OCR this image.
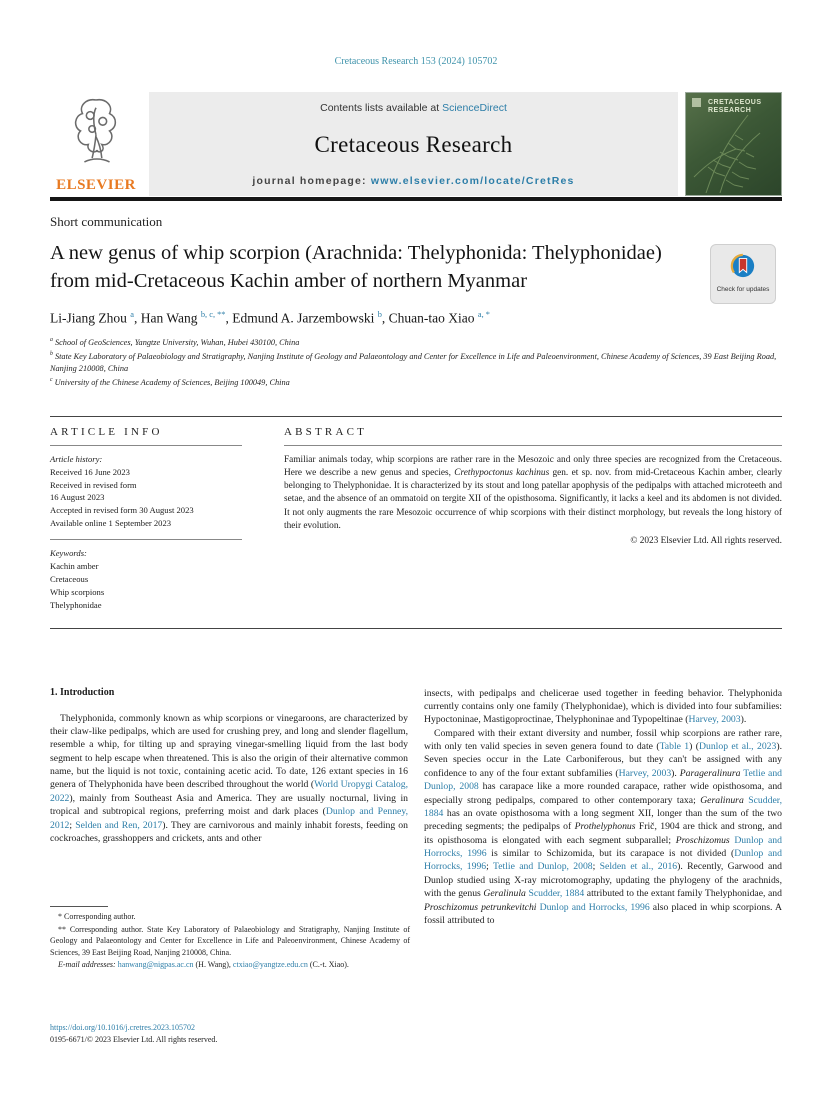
Cretaceous Research 153 (2024) 105702
ELSEVIER
Contents lists available at ScienceDirect
Cretaceous Research
journal homepage: www.elsevier.com/locate/CretRes
CRETACEOUS RESEARCH
Short communication
A new genus of whip scorpion (Arachnida: Thelyphonida: Thelyphonidae) from mid-Cretaceous Kachin amber of northern Myanmar	Check for updates
Li-Jiang Zhou $^a$, Han Wang $^{b, c, **}$, Edmund A. Jarzembowski $^b$, Chuan-tao Xiao $^{a, *}$
$^a$ School of GeoSciences, Yangtze University, Wuhan, Hubei 430100, China
$^b$ State Key Laboratory of Palaeobiology and Stratigraphy, Nanjing Institute of Geology and Palaeontology and Center for Excellence in Life and Paleoenvironment, Chinese Academy of Sciences, 39 East Beijing Road, Nanjing 210008, China
$^c$ University of the Chinese Academy of Sciences, Beijing 100049, China
ARTICLE INFO
Article history:
Received 16 June 2023
Received in revised form
16 August 2023
Accepted in revised form 30 August 2023
Available online 1 September 2023
Keywords:
Kachin amber
Cretaceous
Whip scorpions
Thelyphonidae
ABSTRACT
Familiar animals today, whip scorpions are rather rare in the Mesozoic and only three species are recognized from the Cretaceous. Here we describe a new genus and species, Crethypoctonus kachinus gen. et sp. nov. from mid-Cretaceous Kachin amber, clearly belonging to Thelyphonidae. It is characterized by its stout and long patellar apophysis of the pedipalps with attached microteeth and setae, and the absence of an ommatoid on tergite XII of the opisthosoma. Significantly, it lacks a keel and its abdomen is not divided. It not only augments the rare Mesozoic occurrence of whip scorpions with their distinct morphology, but reveals the long history of their evolution.
© 2023 Elsevier Ltd. All rights reserved.
1. Introduction

Thelyphonida, commonly known as whip scorpions or vinegaroons, are characterized by their claw-like pedipalps, which are used for crushing prey, and long and slender flagellum, resemble a whip, for tilting up and spraying vinegar-smelling liquid from the last body segment to help escape when threatened. This is also the origin of their alternative common name, but the liquid is not toxic, containing acetic acid. To date, 126 extant species in 16 genera of Thelyphonida have been described throughout the world (World Uropygi Catalog, 2022), mainly from Southeast Asia and America. They are usually nocturnal, living in tropical and subtropical regions, preferring moist and dark places (Dunlop and Penney, 2012; Selden and Ren, 2017). They are carnivorous and mainly inhabit forests, feeding on cockroaches, grasshoppers and crickets, ants and other

insects, with pedipalps and chelicerae used together in feeding behavior. Thelyphonida currently contains only one family (Thelyphonidae), which is divided into four subfamilies: Hypoctoninae, Mastigoproctinae, Thelyphoninae and Typopeltinae (Harvey, 2003).

Compared with their extant diversity and number, fossil whip scorpions are rather rare, with only ten valid species in seven genera found to date (Table 1) (Dunlop et al., 2023). Seven species occur in the Late Carboniferous, but they can't be assigned with any confidence to any of the four extant subfamilies (Harvey, 2003). Parageralinura Tetlie and Dunlop, 2008 has carapace like a more rounded carapace, rather wide opisthosoma, and especially strong pedipalps, compared to other contemporary taxa; Geralinura Scudder, 1884 has an ovate opisthosoma with a long segment XII, longer than the sum of the two preceding segments; the pedipalps of Prothelyphonus Frič, 1904 are thick and strong, and its opisthosoma is elongated with each segment subparallel; Proschizomus Dunlop and Horrocks, 1996 is similar to Schizomida, but its carapace is not divided (Dunlop and Horrocks, 1996; Tetlie and Dunlop, 2008; Selden et al., 2016). Recently, Garwood and Dunlop studied using X-ray microtomography, updating the phylogeny of the arachnids, with the genus Geralinula Scudder, 1884 attributed to the extant family Thelyphonidae, and Proschizomus petrunkevitchi Dunlop and Horrocks, 1996 also placed in whip scorpions. A fossil attributed to

* Corresponding author.

** Corresponding author. State Key Laboratory of Palaeobiology and Stratigraphy, Nanjing Institute of Geology and Palaeontology and Center for Excellence in Life and Paleoenvironment, Chinese Academy of Sciences, 39 East Beijing Road, Nanjing 210008, China.

E-mail addresses: hanwang@nigpas.ac.cn (H. Wang), ctxiao@yangtze.edu.cn (C.-t. Xiao).

https://doi.org/10.1016/j.cretres.2023.105702
0195-6671/© 2023 Elsevier Ltd. All rights reserved.
